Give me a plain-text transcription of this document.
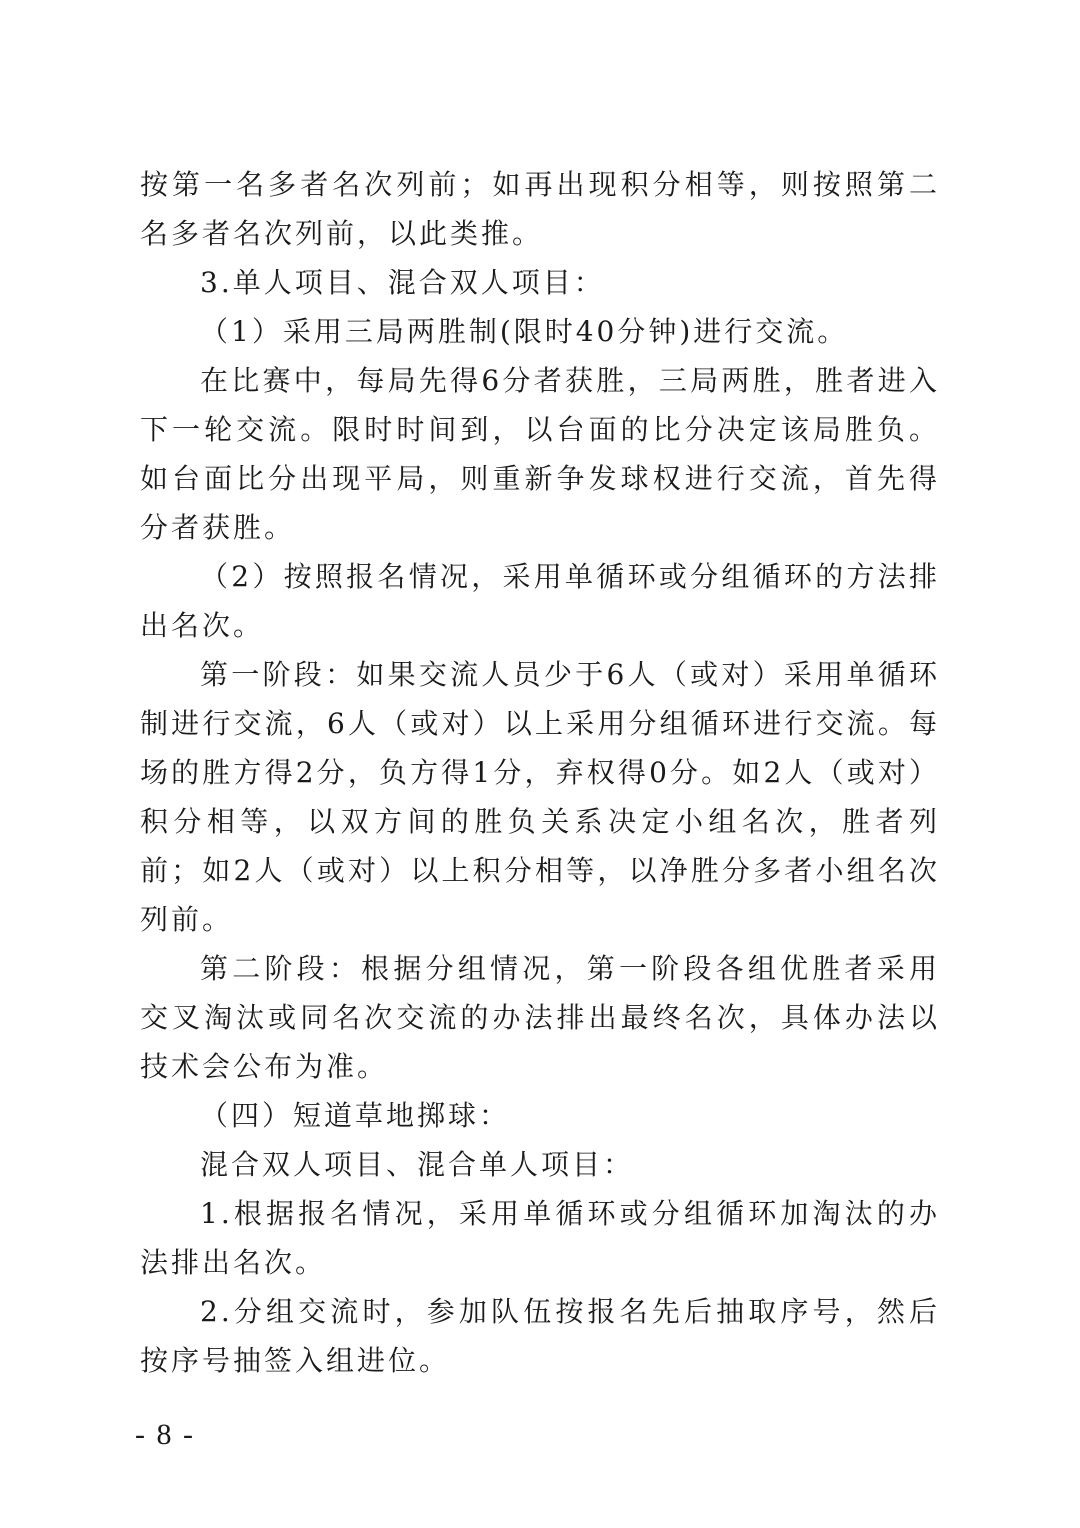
按第一名多者名次列前；如再出现积分相等，则按照第二名多者名次列前，以此类推。

3.单人项目、混合双人项目：

（1）采用三局两胜制(限时40分钟)进行交流。

在比赛中，每局先得6分者获胜，三局两胜，胜者进入下一轮交流。限时时间到，以台面的比分决定该局胜负。如台面比分出现平局，则重新争发球权进行交流，首先得分者获胜。

（2）按照报名情况，采用单循环或分组循环的方法排出名次。

第一阶段：如果交流人员少于6人（或对）采用单循环制进行交流，6人（或对）以上采用分组循环进行交流。每场的胜方得2分，负方得1分，弃权得0分。如2人（或对）积分相等，以双方间的胜负关系决定小组名次，胜者列前；如2人（或对）以上积分相等，以净胜分多者小组名次列前。

第二阶段：根据分组情况，第一阶段各组优胜者采用交叉淘汰或同名次交流的办法排出最终名次，具体办法以技术会公布为准。

（四）短道草地掷球：

混合双人项目、混合单人项目：

1.根据报名情况，采用单循环或分组循环加淘汰的办法排出名次。

2.分组交流时，参加队伍按报名先后抽取序号，然后按序号抽签入组进位。

- 8 -
